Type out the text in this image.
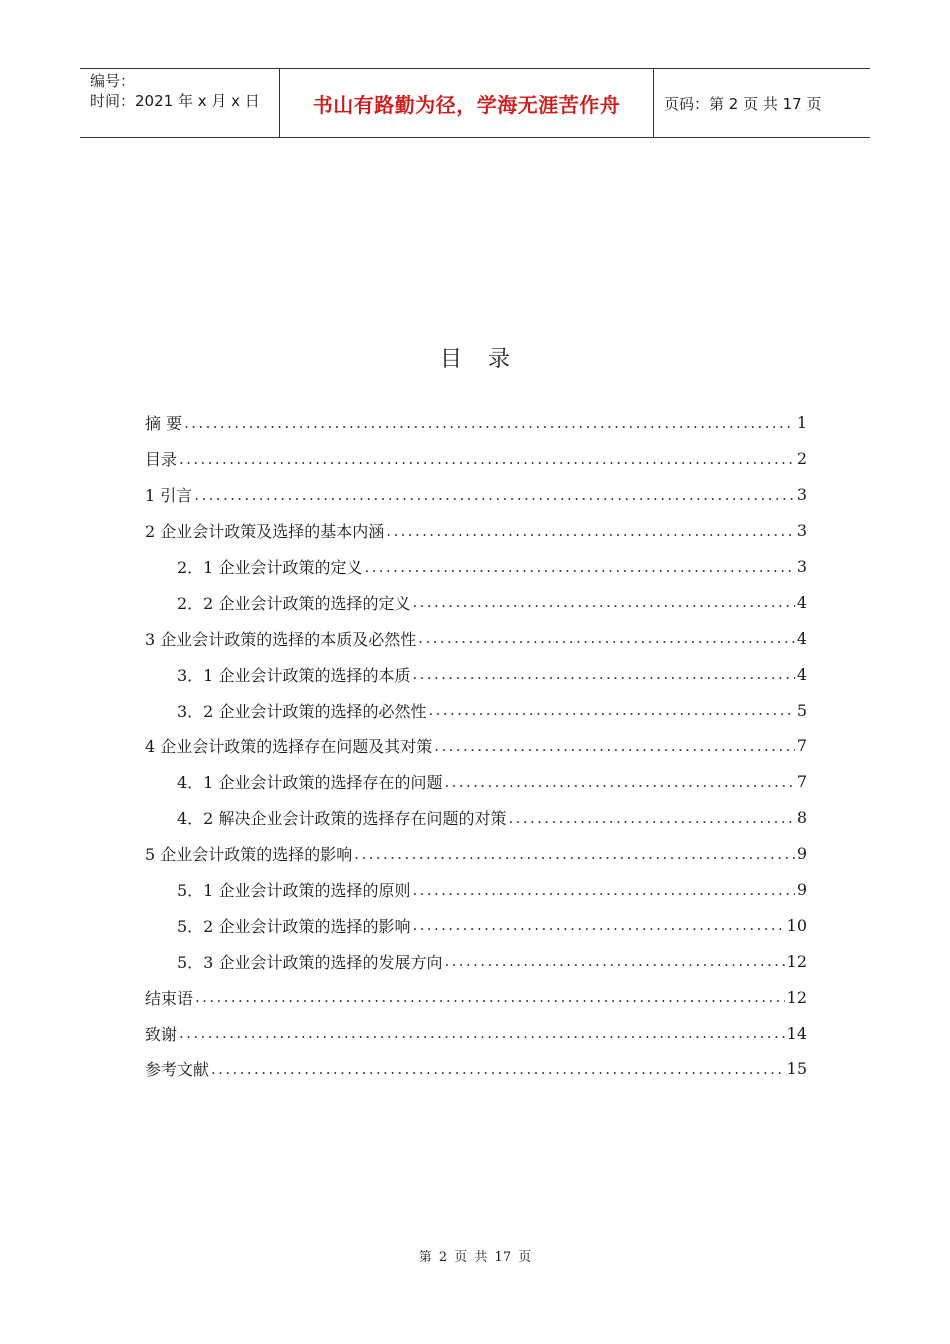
编号：
时间：2021 年 x 月 x 日	书山有路勤为径，学海无涯苦作舟	页码：第 2 页 共 17 页
目录
摘 要 .....	1
目录 .....	2
1 引言 .....	3
2 企业会计政策及选择的基本内涵 .....	3
2．1 企业会计政策的定义 .....	3
2．2 企业会计政策的选择的定义 .....	4
3 企业会计政策的选择的本质及必然性 .....	4
3．1 企业会计政策的选择的本质 .....	4
3．2 企业会计政策的选择的必然性 .....	5
4 企业会计政策的选择存在问题及其对策 .....	7
4．1 企业会计政策的选择存在的问题 .....	7
4．2 解决企业会计政策的选择存在问题的对策 .....	8
5 企业会计政策的选择的影响 .....	9
5．1 企业会计政策的选择的原则 .....	9
5．2 企业会计政策的选择的影响 .....	10
5．3 企业会计政策的选择的发展方向 .....	12
结束语 .....	12
致谢 .....	14
参考文献 .....	15
第 2 页 共 17 页
